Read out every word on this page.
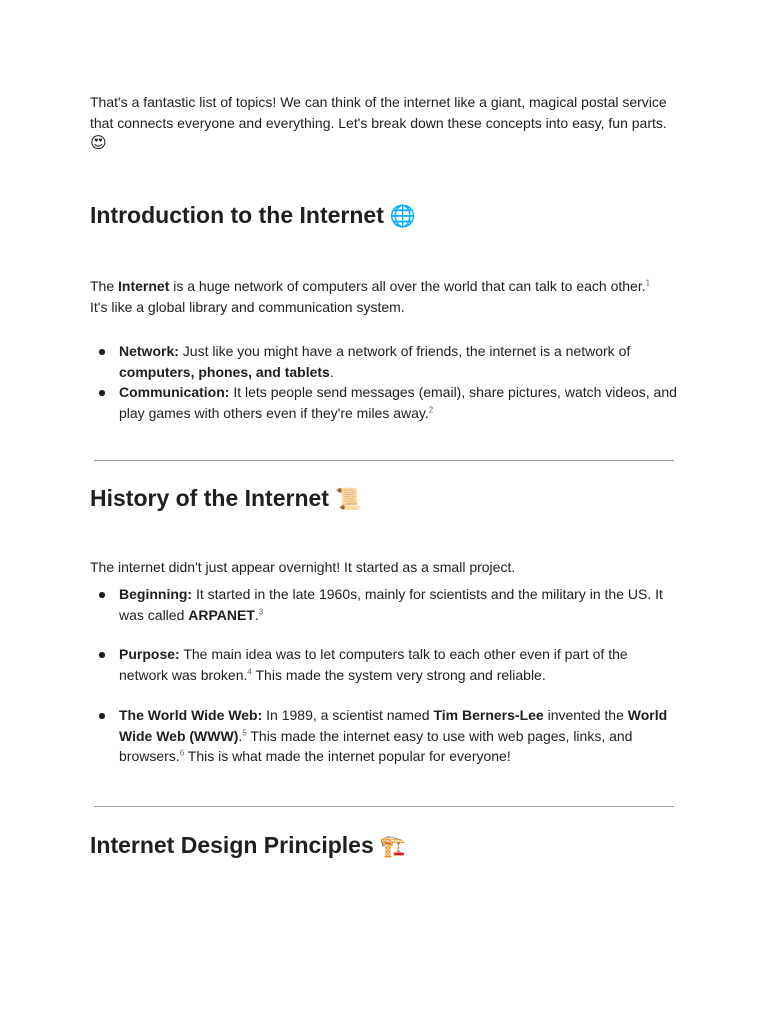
That's a fantastic list of topics! We can think of the internet like a giant, magical postal service that connects everyone and everything. Let's break down these concepts into easy, fun parts.
😍

Introduction to the Internet 🌐

The Internet is a huge network of computers all over the world that can talk to each other.$^1$
It's like a global library and communication system.

Network: Just like you might have a network of friends, the internet is a network of computers, phones, and tablets.
Communication: It lets people send messages (email), share pictures, watch videos, and play games with others even if they're miles away.$^2$
History of the Internet 📜

The internet didn't just appear overnight! It started as a small project.

Beginning: It started in the late 1960s, mainly for scientists and the military in the US. It was called ARPANET.$^3$
Purpose: The main idea was to let computers talk to each other even if part of the network was broken.$^4$ This made the system very strong and reliable.
The World Wide Web: In 1989, a scientist named Tim Berners-Lee invented the World Wide Web (WWW).$^5$ This made the internet easy to use with web pages, links, and browsers.$^6$ This is what made the internet popular for everyone!
Internet Design Principles 🏗️
